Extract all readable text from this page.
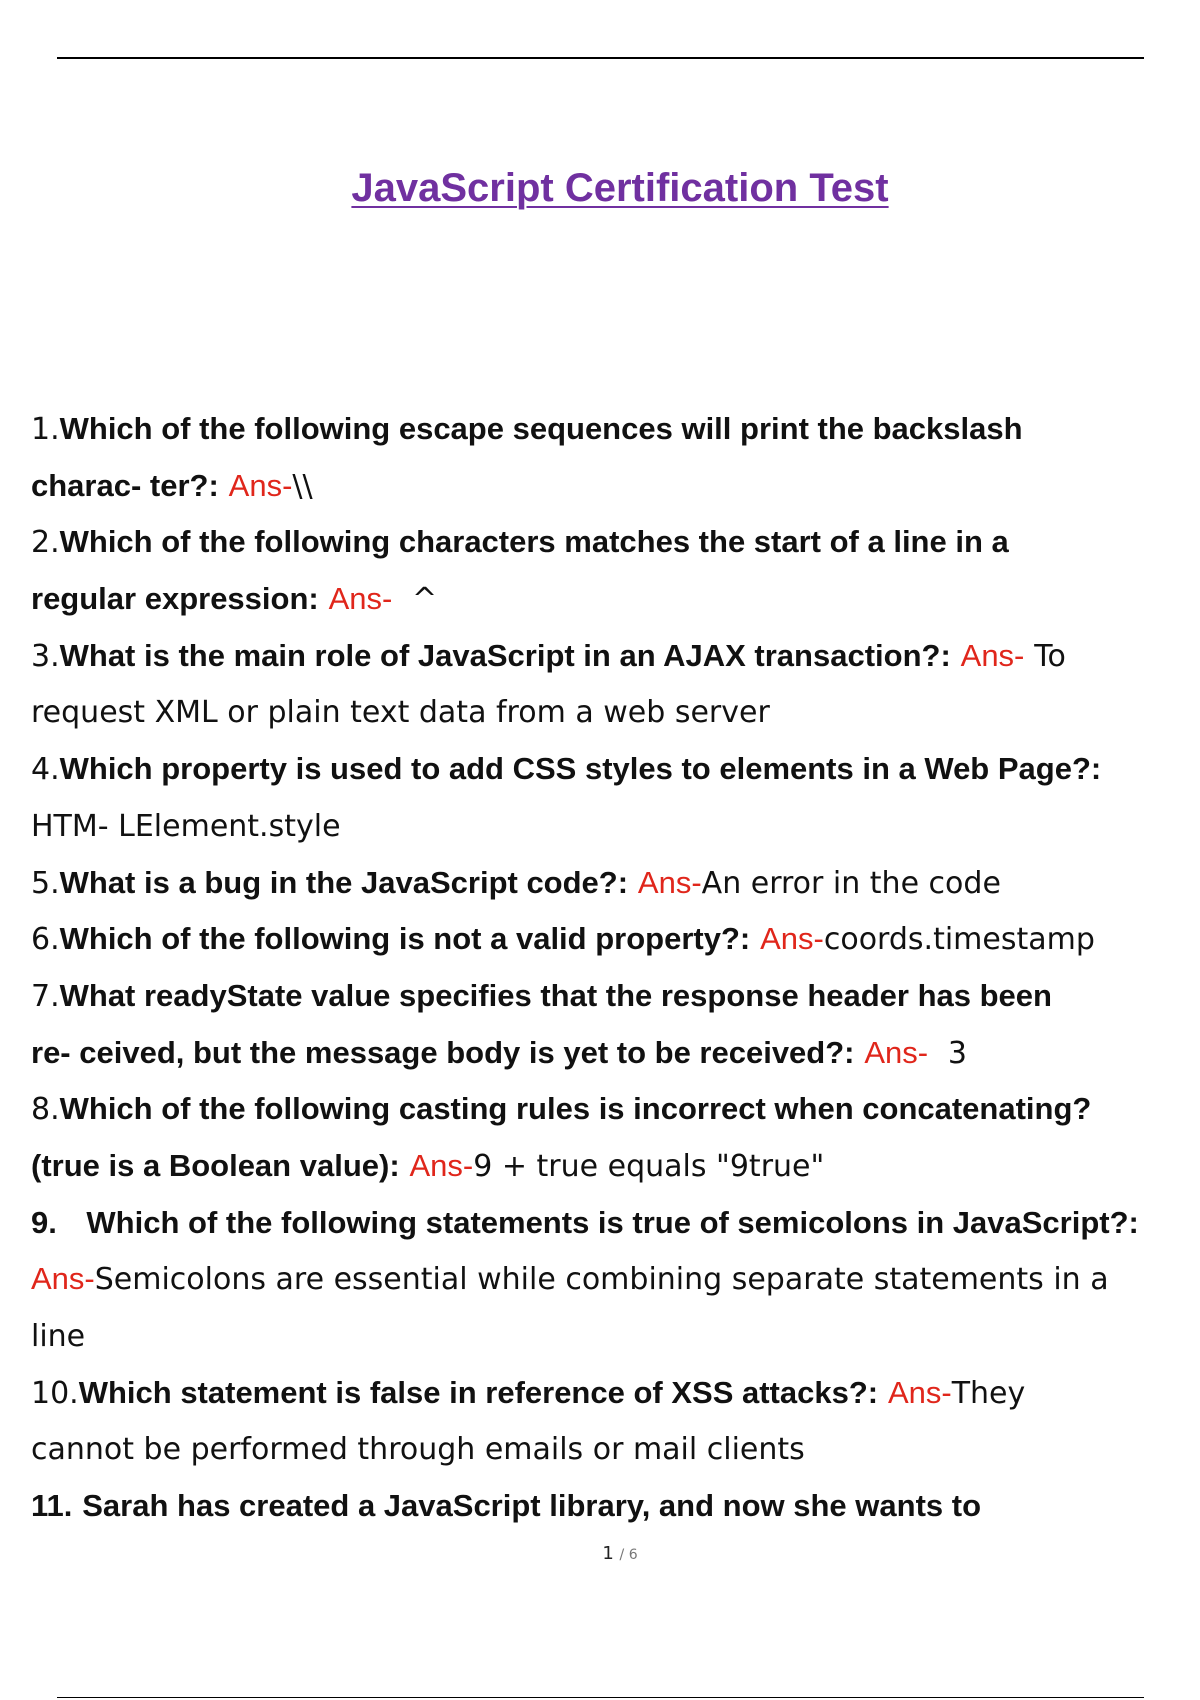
JavaScript Certification Test
1.Which of the following escape sequences will print the backslash
charac- ter?: Ans-\\
2.Which of the following characters matches the start of a line in a
regular expression: Ans- ^
3.What is the main role of JavaScript in an AJAX transaction?: Ans- To
request XML or plain text data from a web server
4.Which property is used to add CSS styles to elements in a Web Page?:
HTM- LElement.style
5.What is a bug in the JavaScript code?: Ans-An error in the code
6.Which of the following is not a valid property?: Ans-coords.timestamp
7.What readyState value specifies that the response header has been
re- ceived, but the message body is yet to be received?: Ans- 3
8.Which of the following casting rules is incorrect when concatenating?
(true is a Boolean value): Ans-9 + true equals "9true"
9. Which of the following statements is true of semicolons in JavaScript?:
Ans-Semicolons are essential while combining separate statements in a
line
10.Which statement is false in reference of XSS attacks?: Ans-They
cannot be performed through emails or mail clients
11. Sarah has created a JavaScript library, and now she wants to
1 / 6
